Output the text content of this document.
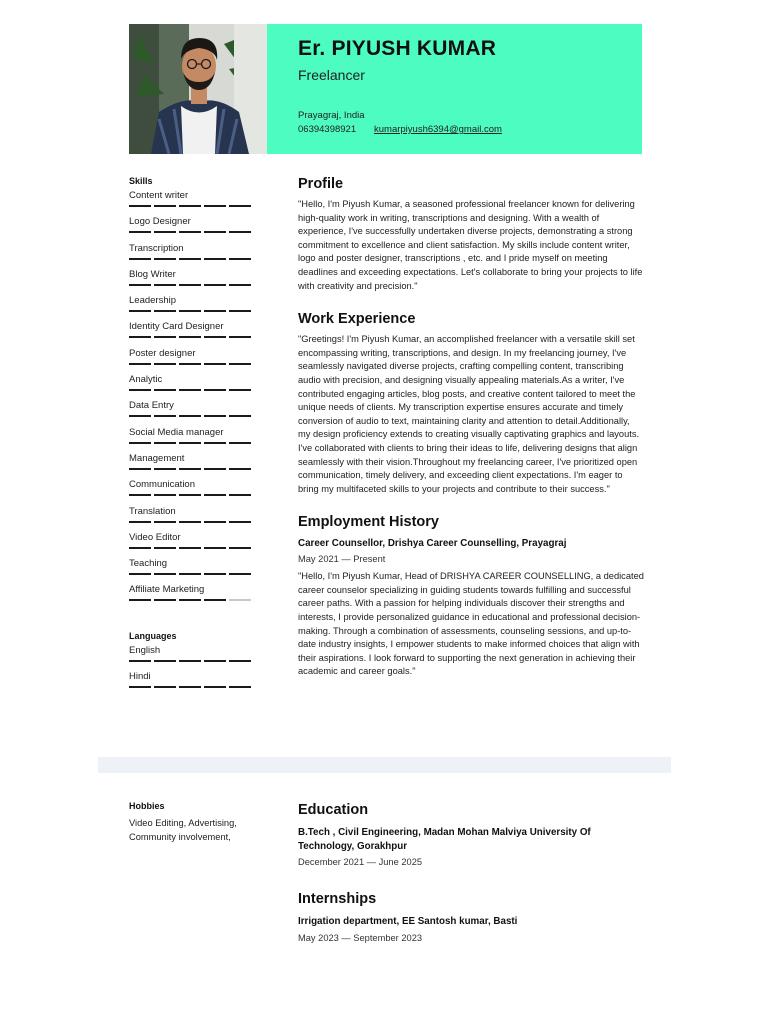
Er. PIYUSH KUMAR
Freelancer
Prayagraj, India
06394398921 kumarpiyush6394@gmail.com
Skills
Content writer
Logo Designer
Transcription
Blog Writer
Leadership
Identity Card Designer
Poster designer
Analytic
Data Entry
Social Media manager
Management
Communication
Translation
Video Editor
Teaching
Affiliate Marketing
Languages
English
Hindi
Profile

"Hello, I'm Piyush Kumar, a seasoned professional freelancer known for delivering high-quality work in writing, transcriptions and designing. With a wealth of experience, I've successfully undertaken diverse projects, demonstrating a strong commitment to excellence and client satisfaction. My skills include content writer, logo and poster designer, transcriptions , etc. and I pride myself on meeting deadlines and exceeding expectations. Let's collaborate to bring your projects to life with creativity and precision."

Work Experience

"Greetings! I'm Piyush Kumar, an accomplished freelancer with a versatile skill set encompassing writing, transcriptions, and design. In my freelancing journey, I've seamlessly navigated diverse projects, crafting compelling content, transcribing audio with precision, and designing visually appealing materials.As a writer, I've contributed engaging articles, blog posts, and creative content tailored to meet the unique needs of clients. My transcription expertise ensures accurate and timely conversion of audio to text, maintaining clarity and attention to detail.Additionally, my design proficiency extends to creating visually captivating graphics and layouts. I've collaborated with clients to bring their ideas to life, delivering designs that align seamlessly with their vision.Throughout my freelancing career, I've prioritized open communication, timely delivery, and exceeding client expectations. I'm eager to bring my multifaceted skills to your projects and contribute to their success."

Employment History
Career Counsellor, Drishya Career Counselling, Prayagraj
May 2021 — Present

"Hello, I'm Piyush Kumar, Head of DRISHYA CAREER COUNSELLING, a dedicated career counselor specializing in guiding students towards fulfilling and successful career paths. With a passion for helping individuals discover their strengths and interests, I provide personalized guidance in educational and professional decision-making. Through a combination of assessments, counseling sessions, and up-to-date industry insights, I empower students to make informed choices that align with their aspirations. I look forward to supporting the next generation in achieving their academic and career goals."

Hobbies
Video Editing, Advertising, Community involvement,
Education
B.Tech , Civil Engineering, Madan Mohan Malviya University Of Technology, Gorakhpur
December 2021 — June 2025
Internships
Irrigation department, EE Santosh kumar, Basti
May 2023 — September 2023
